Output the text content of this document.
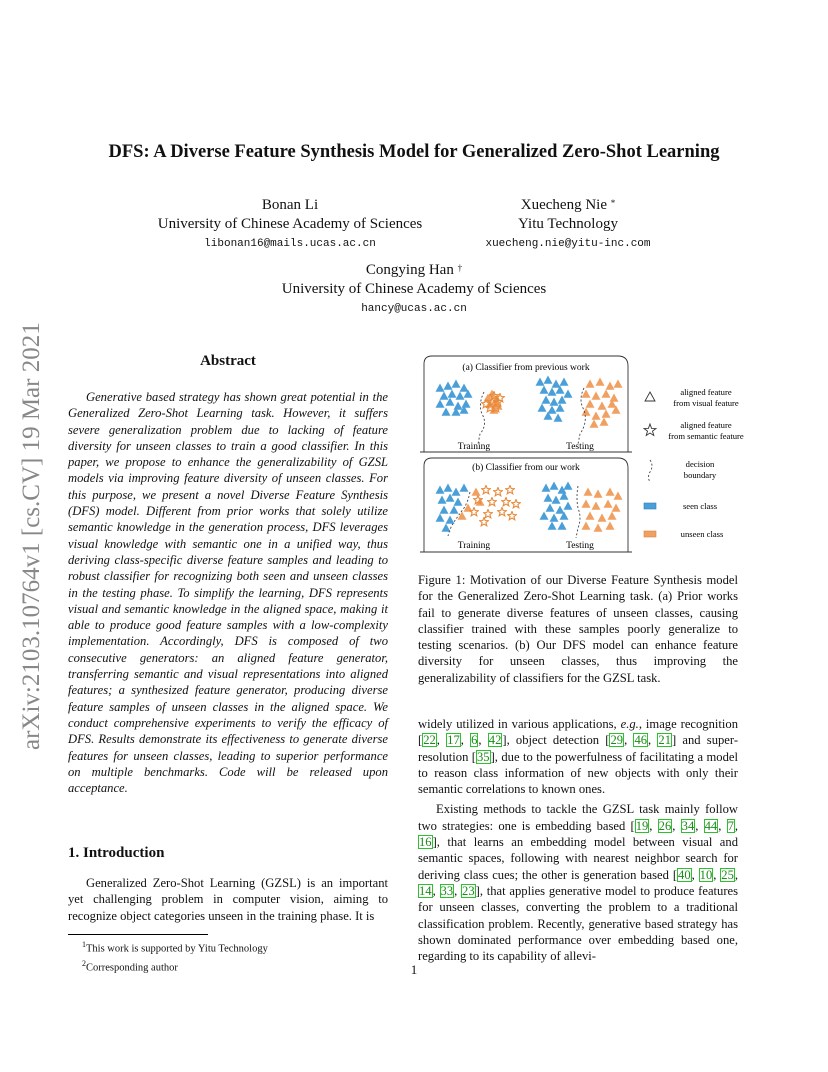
arXiv:2103.10764v1 [cs.CV] 19 Mar 2021
DFS: A Diverse Feature Synthesis Model for Generalized Zero-Shot Learning
Bonan Li
University of Chinese Academy of Sciences
libonan16@mails.ucas.ac.cn
Xuecheng Nie *
Yitu Technology
xuecheng.nie@yitu-inc.com
Congying Han †
University of Chinese Academy of Sciences
hancy@ucas.ac.cn
Abstract

Generative based strategy has shown great potential in the Generalized Zero-Shot Learning task. However, it suffers severe generalization problem due to lacking of feature diversity for unseen classes to train a good classifier. In this paper, we propose to enhance the generalizability of GZSL models via improving feature diversity of unseen classes. For this purpose, we present a novel Diverse Feature Synthesis (DFS) model. Different from prior works that solely utilize semantic knowledge in the generation process, DFS leverages visual knowledge with semantic one in a unified way, thus deriving class-specific diverse feature samples and leading to robust classifier for recognizing both seen and unseen classes in the testing phase. To simplify the learning, DFS represents visual and semantic knowledge in the aligned space, making it able to produce good feature samples with a low-complexity implementation. Accordingly, DFS is composed of two consecutive generators: an aligned feature generator, transferring semantic and visual representations into aligned features; a synthesized feature generator, producing diverse feature samples of unseen classes in the aligned space. We conduct comprehensive experiments to verify the efficacy of DFS. Results demonstrate its effectiveness to generate diverse features for unseen classes, leading to superior performance on multiple benchmarks. Code will be released upon acceptance.

1. Introduction

Generalized Zero-Shot Learning (GZSL) is an important yet challenging problem in computer vision, aiming to recognize object categories unseen in the training phase. It is

$^1$This work is supported by Yitu Technology
$^2$Corresponding author
(a) Classifier from previous work
Training	Testing
(b) Classifier from our work
Training	Testing
aligned feature
from visual feature
aligned feature
from semantic feature
decision
boundary
seen class
unseen class
Figure 1: Motivation of our Diverse Feature Synthesis model for the Generalized Zero-Shot Learning task. (a) Prior works fail to generate diverse features of unseen classes, causing classifier trained with these samples poorly generalize to testing scenarios. (b) Our DFS model can enhance feature diversity for unseen classes, thus improving the generalizability of classifiers for the GZSL task.

widely utilized in various applications, e.g., image recognition [22, 17, 6, 42], object detection [29, 46, 21] and super-resolution [35], due to the powerfulness of facilitating a model to reason class information of new objects with only their semantic correlations to known ones.

Existing methods to tackle the GZSL task mainly follow two strategies: one is embedding based [19, 26, 34, 44, 7, 16], that learns an embedding model between visual and semantic spaces, following with nearest neighbor search for deriving class cues; the other is generation based [40, 10, 25, 14, 33, 23], that applies generative model to produce features for unseen classes, converting the problem to a traditional classification problem. Recently, generative based strategy has shown dominated performance over embedding based one, regarding to its capability of allevi-

1
